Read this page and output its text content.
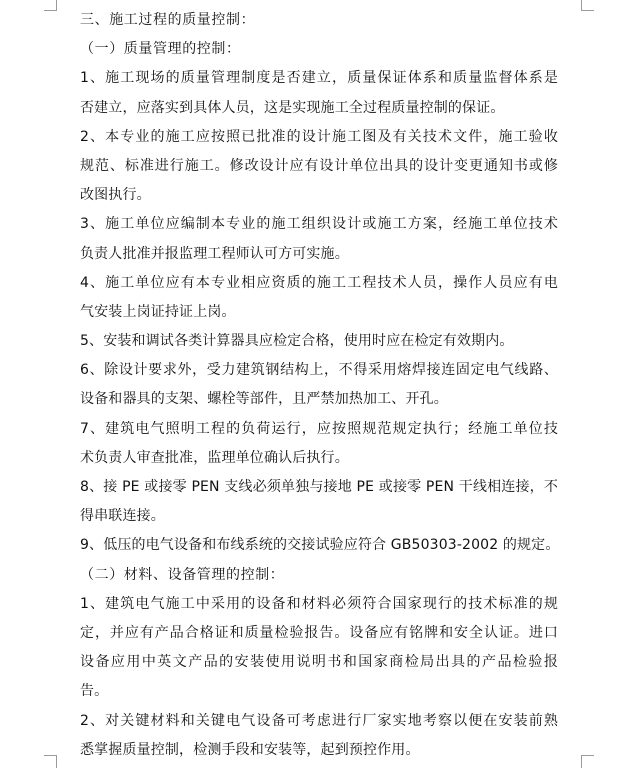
三、施工过程的质量控制：
（一）质量管理的控制：
1、施工现场的质量管理制度是否建立，质量保证体系和质量监督体系是
否建立，应落实到具体人员，这是实现施工全过程质量控制的保证。
2、本专业的施工应按照已批准的设计施工图及有关技术文件，施工验收
规范、标准进行施工。修改设计应有设计单位出具的设计变更通知书或修
改图执行。
3、施工单位应编制本专业的施工组织设计或施工方案，经施工单位技术
负责人批准并报监理工程师认可方可实施。
4、施工单位应有本专业相应资质的施工工程技术人员，操作人员应有电
气安装上岗证持证上岗。
5、安装和调试各类计算器具应检定合格，使用时应在检定有效期内。
6、除设计要求外，受力建筑钢结构上，不得采用熔焊接连固定电气线路、
设备和器具的支架、螺栓等部件，且严禁加热加工、开孔。
7、建筑电气照明工程的负荷运行，应按照规范规定执行；经施工单位技
术负责人审查批准，监理单位确认后执行。
8、接 PE 或接零 PEN 支线必须单独与接地 PE 或接零 PEN 干线相连接，不
得串联连接。
9、低压的电气设备和布线系统的交接试验应符合 GB50303-2002 的规定。
（二）材料、设备管理的控制：
1、建筑电气施工中采用的设备和材料必须符合国家现行的技术标准的规
定，并应有产品合格证和质量检验报告。设备应有铭牌和安全认证。进口
设备应用中英文产品的安装使用说明书和国家商检局出具的产品检验报
告。
2、对关键材料和关键电气设备可考虑进行厂家实地考察以便在安装前熟
悉掌握质量控制，检测手段和安装等，起到预控作用。
